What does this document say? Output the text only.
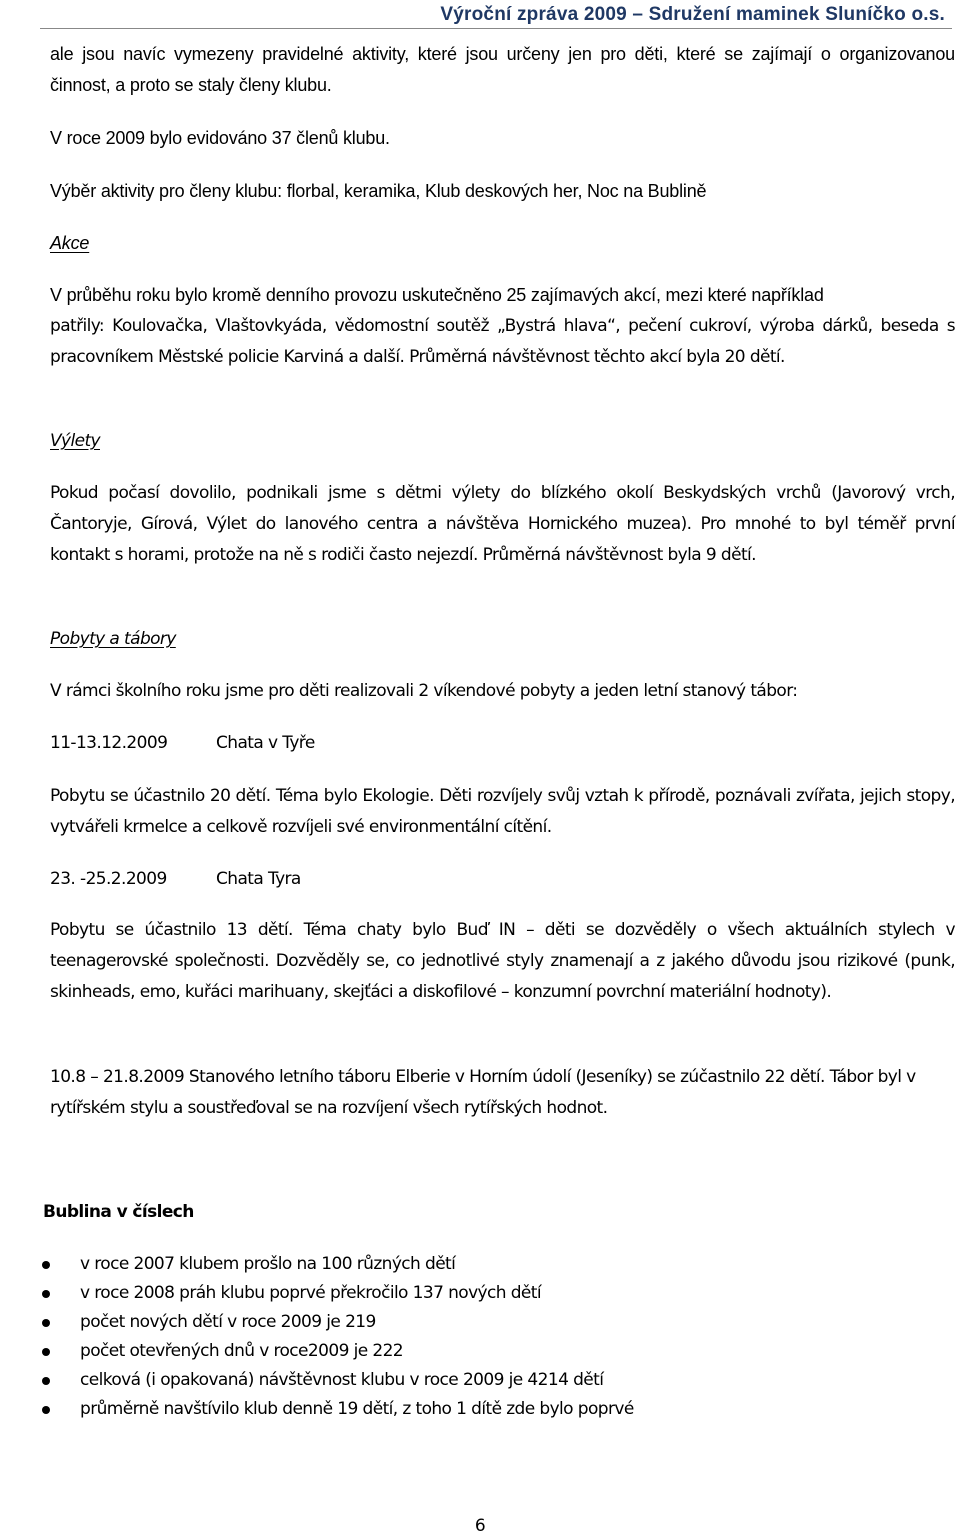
Výroční zpráva 2009 – Sdružení maminek Sluníčko o.s.

ale jsou navíc vymezeny pravidelné aktivity, které jsou určeny jen pro děti, které se zajímají o organizovanou činnost, a proto se staly členy klubu.

V roce 2009 bylo evidováno 37 členů klubu.

Výběr aktivity pro členy klubu: florbal, keramika, Klub deskových her, Noc na Bublině

Akce

V průběhu roku bylo kromě denního provozu uskutečněno 25 zajímavých akcí, mezi které například

patřily: Koulovačka, Vlaštovkyáda, vědomostní soutěž „Bystrá hlava“, pečení cukroví, výroba dárků, beseda s pracovníkem Městské policie Karviná a další. Průměrná návštěvnost těchto akcí byla 20 dětí.

Výlety

Pokud počasí dovolilo, podnikali jsme s dětmi výlety do blízkého okolí Beskydských vrchů (Javorový vrch, Čantoryje, Gírová, Výlet do lanového centra a návštěva Hornického muzea). Pro mnohé to byl téměř první kontakt s horami, protože na ně s rodiči často nejezdí. Průměrná návštěvnost byla 9 dětí.

Pobyty a tábory

V rámci školního roku jsme pro děti realizovali 2 víkendové pobyty a jeden letní stanový tábor:

11-13.12.2009	Chata v Tyře

Pobytu se účastnilo 20 dětí. Téma bylo Ekologie. Děti rozvíjely svůj vztah k přírodě, poznávali zvířata, jejich stopy, vytvářeli krmelce a celkově rozvíjeli své environmentální cítění.

23. -25.2.2009	Chata Tyra

Pobytu se účastnilo 13 dětí. Téma chaty bylo Buď IN – děti se dozvěděly o všech aktuálních stylech v teenagerovské společnosti. Dozvěděly se, co jednotlivé styly znamenají a z jakého důvodu jsou rizikové (punk, skinheads, emo, kuřáci marihuany, skejťáci a diskofilové – konzumní povrchní materiální hodnoty).

10.8 – 21.8.2009 Stanového letního táboru Elberie v Horním údolí (Jeseníky) se zúčastnilo 22 dětí. Tábor byl v rytířském stylu a soustřeďoval se na rozvíjení všech rytířských hodnot.

Bublina v číslech

v roce 2007 klubem prošlo na 100 různých dětí
v roce 2008 práh klubu poprvé překročilo 137 nových dětí
počet nových dětí v roce 2009 je 219
počet otevřených dnů v roce2009 je 222
celková (i opakovaná) návštěvnost klubu v roce 2009 je 4214 dětí
průměrně navštívilo klub denně 19 dětí, z toho 1 dítě zde bylo poprvé
6
